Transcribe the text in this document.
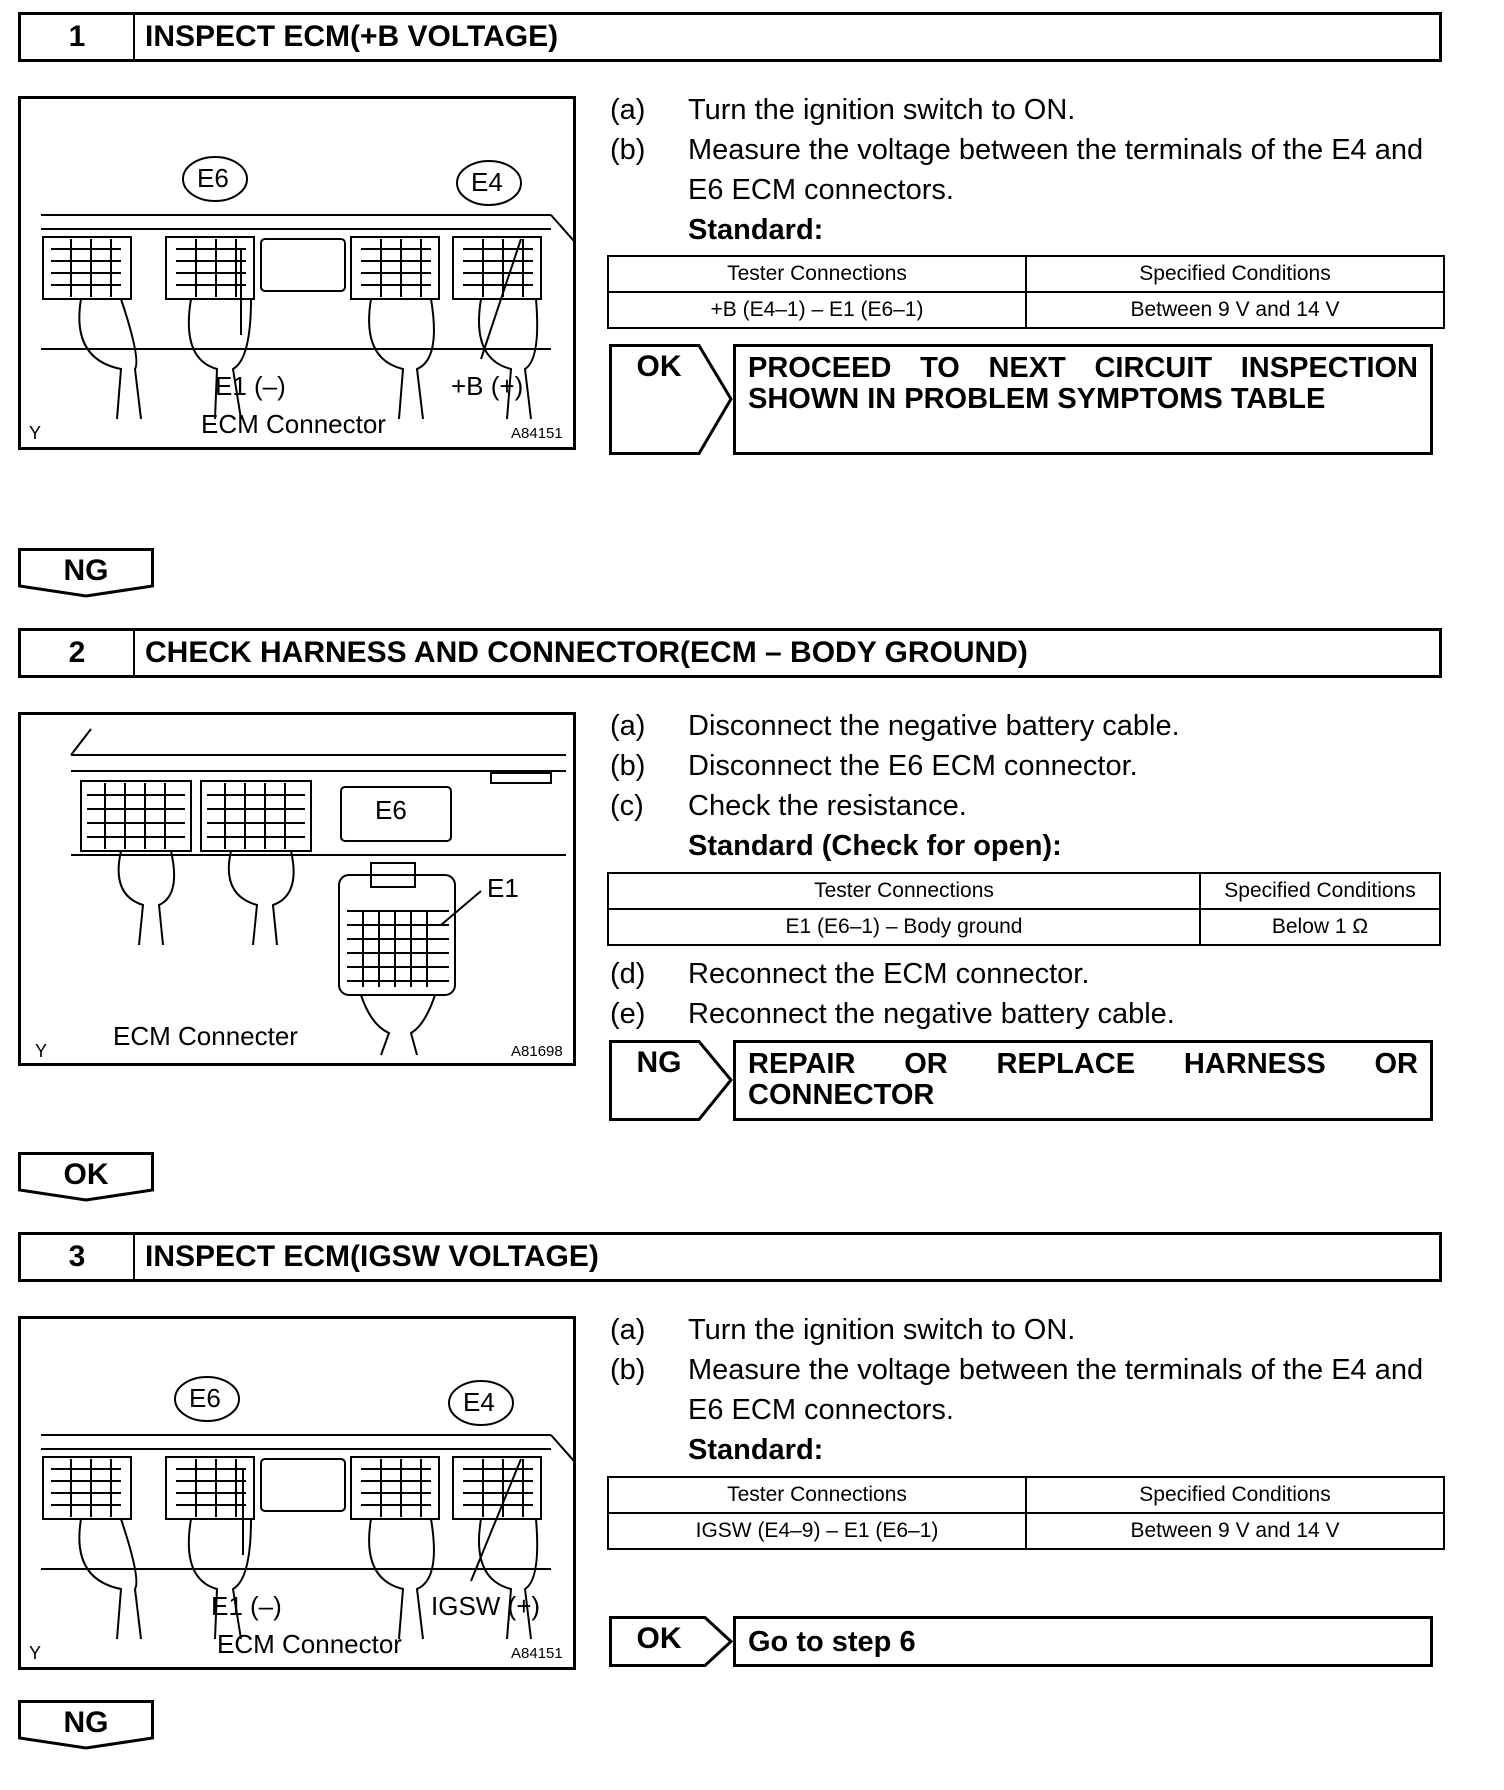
1	INSPECT ECM(+B VOLTAGE)
E6	E4
E1 (–)	+B (+)
ECM Connector
Y	A84151
(a) Turn the ignition switch to ON.
(b) Measure the voltage between the terminals of the E4 and
E6 ECM connectors.
Standard:
Tester Connections	Specified Conditions
+B (E4–1) – E1 (E6–1)	Between 9 V and 14 V
OK	PROCEED TO NEXT CIRCUIT INSPECTION
SHOWN IN PROBLEM SYMPTOMS TABLE
NG
2	CHECK HARNESS AND CONNECTOR(ECM – BODY GROUND)
E6
E1
ECM Connecter
Y	A81698
(a) Disconnect the negative battery cable.
(b) Disconnect the E6 ECM connector.
(c) Check the resistance.
Standard (Check for open):
Tester Connections	Specified Conditions
E1 (E6–1) – Body ground	Below 1 Ω
(d) Reconnect the ECM connector.
(e) Reconnect the negative battery cable.
NG	REPAIR OR REPLACE HARNESS OR
CONNECTOR
OK
3	INSPECT ECM(IGSW VOLTAGE)
E6	E4
E1 (–)	IGSW (+)
ECM Connector
Y	A84151
(a) Turn the ignition switch to ON.
(b) Measure the voltage between the terminals of the E4 and
E6 ECM connectors.
Standard:
Tester Connections	Specified Conditions
IGSW (E4–9) – E1 (E6–1)	Between 9 V and 14 V
OK	Go to step 6
NG
